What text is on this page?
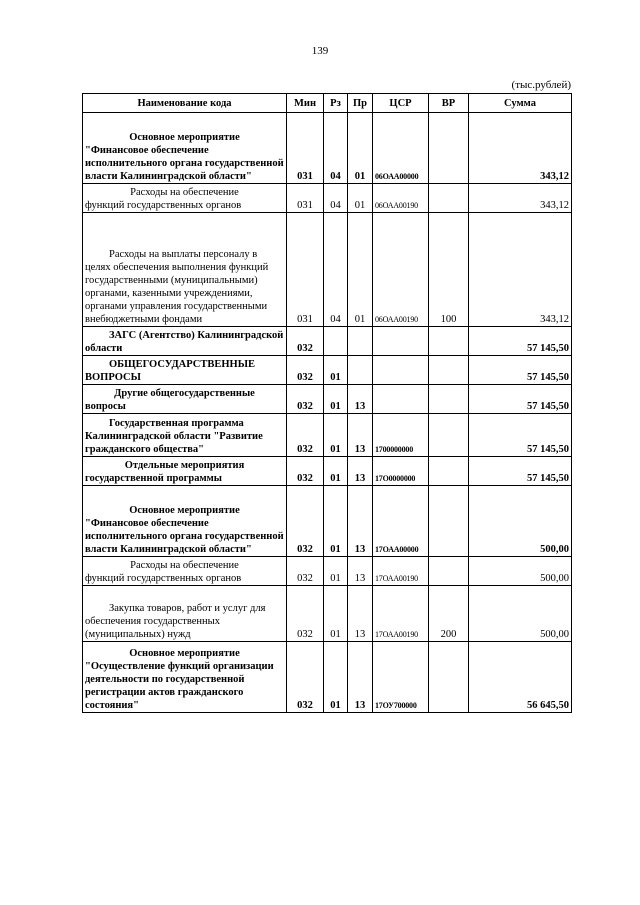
139
(тыс.рублей)
Наименование кода	Мин	Рз	Пр	ЦСР	ВР	Сумма

Основное мероприятие
"Финансовое обеспечение исполнительного органа государственной власти Калининградской области"	031	04	01	06ОАА00000		343,12

Расходы на обеспечение
функций государственных органов	031	04	01	06ОАА00190		343,12

Расходы на выплаты персоналу в целях обеспечения выполнения функций государственными (муниципальными) органами, казенными учреждениями, органами управления государственными внебюджетными фондами	031	04	01	06ОАА00190	100	343,12

ЗАГС (Агентство) Калининградской области	032					57 145,50

ОБЩЕГОСУДАРСТВЕННЫЕ ВОПРОСЫ	032	01				57 145,50

Другие общегосударственные
вопросы	032	01	13			57 145,50

Государственная программа Калининградской области "Развитие гражданского общества"	032	01	13	1700000000		57 145,50

Отдельные мероприятия
государственной программы	032	01	13	17О0000000		57 145,50

Основное мероприятие
"Финансовое обеспечение исполнительного органа государственной власти Калининградской области"	032	01	13	17ОАА00000		500,00

Расходы на обеспечение
функций государственных органов	032	01	13	17ОАА00190		500,00

Закупка товаров, работ и услуг для обеспечения государственных (муниципальных) нужд	032	01	13	17ОАА00190	200	500,00

Основное мероприятие
"Осуществление функций организации деятельности по государственной регистрации актов гражданского состояния"	032	01	13	17ОУ700000		56 645,50
